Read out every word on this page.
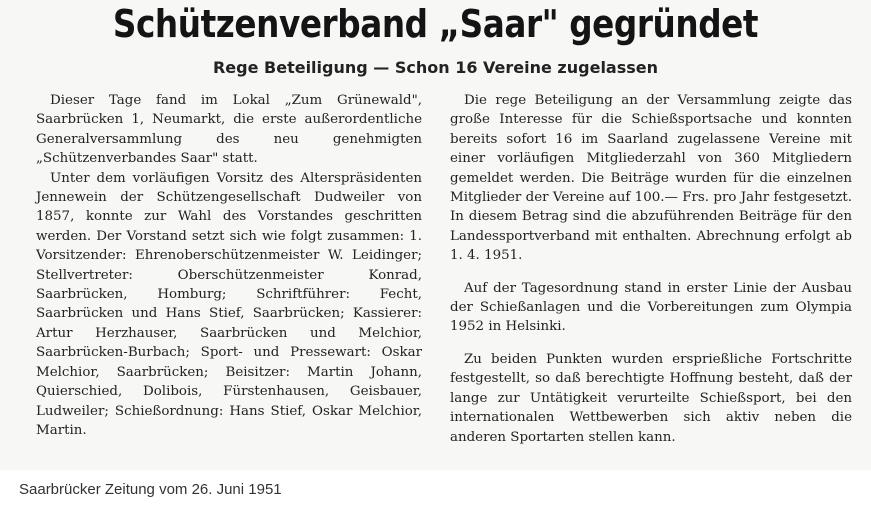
Schützenverband „Saar" gegründet
Rege Beteiligung — Schon 16 Vereine zugelassen

Dieser Tage fand im Lokal „Zum Grünewald", Saarbrücken 1, Neumarkt, die erste außerordentliche Generalversammlung des neu genehmigten „Schützenverbandes Saar" statt.

Unter dem vorläufigen Vorsitz des Alterspräsidenten Jennewein der Schützengesellschaft Dudweiler von 1857, konnte zur Wahl des Vorstandes geschritten werden. Der Vorstand setzt sich wie folgt zusammen: 1. Vorsitzender: Ehrenoberschützenmeister W. Leidinger; Stellvertreter: Oberschützenmeister Konrad, Saarbrücken, Homburg; Schriftführer: Fecht, Saarbrücken und Hans Stief, Saarbrücken; Kassierer: Artur Herzhauser, Saarbrücken und Melchior, Saarbrücken-Burbach; Sport- und Pressewart: Oskar Melchior, Saarbrücken; Beisitzer: Martin Johann, Quierschied, Dolibois, Fürstenhausen, Geisbauer, Ludweiler; Schießordnung: Hans Stief, Oskar Melchior, Martin.

Die rege Beteiligung an der Versammlung zeigte das große Interesse für die Schießsportsache und konnten bereits sofort 16 im Saarland zugelassene Vereine mit einer vorläufigen Mitgliederzahl von 360 Mitgliedern gemeldet werden. Die Beiträge wurden für die einzelnen Mitglieder der Vereine auf 100.— Frs. pro Jahr festgesetzt. In diesem Betrag sind die abzuführenden Beiträge für den Landessportverband mit enthalten. Abrechnung erfolgt ab 1. 4. 1951.

Auf der Tagesordnung stand in erster Linie der Ausbau der Schießanlagen und die Vorbereitungen zum Olympia 1952 in Helsinki.

Zu beiden Punkten wurden ersprießliche Fortschritte festgestellt, so daß berechtigte Hoffnung besteht, daß der lange zur Untätigkeit verurteilte Schießsport, bei den internationalen Wettbewerben sich aktiv neben die anderen Sportarten stellen kann.

Saarbrücker Zeitung vom 26. Juni 1951
